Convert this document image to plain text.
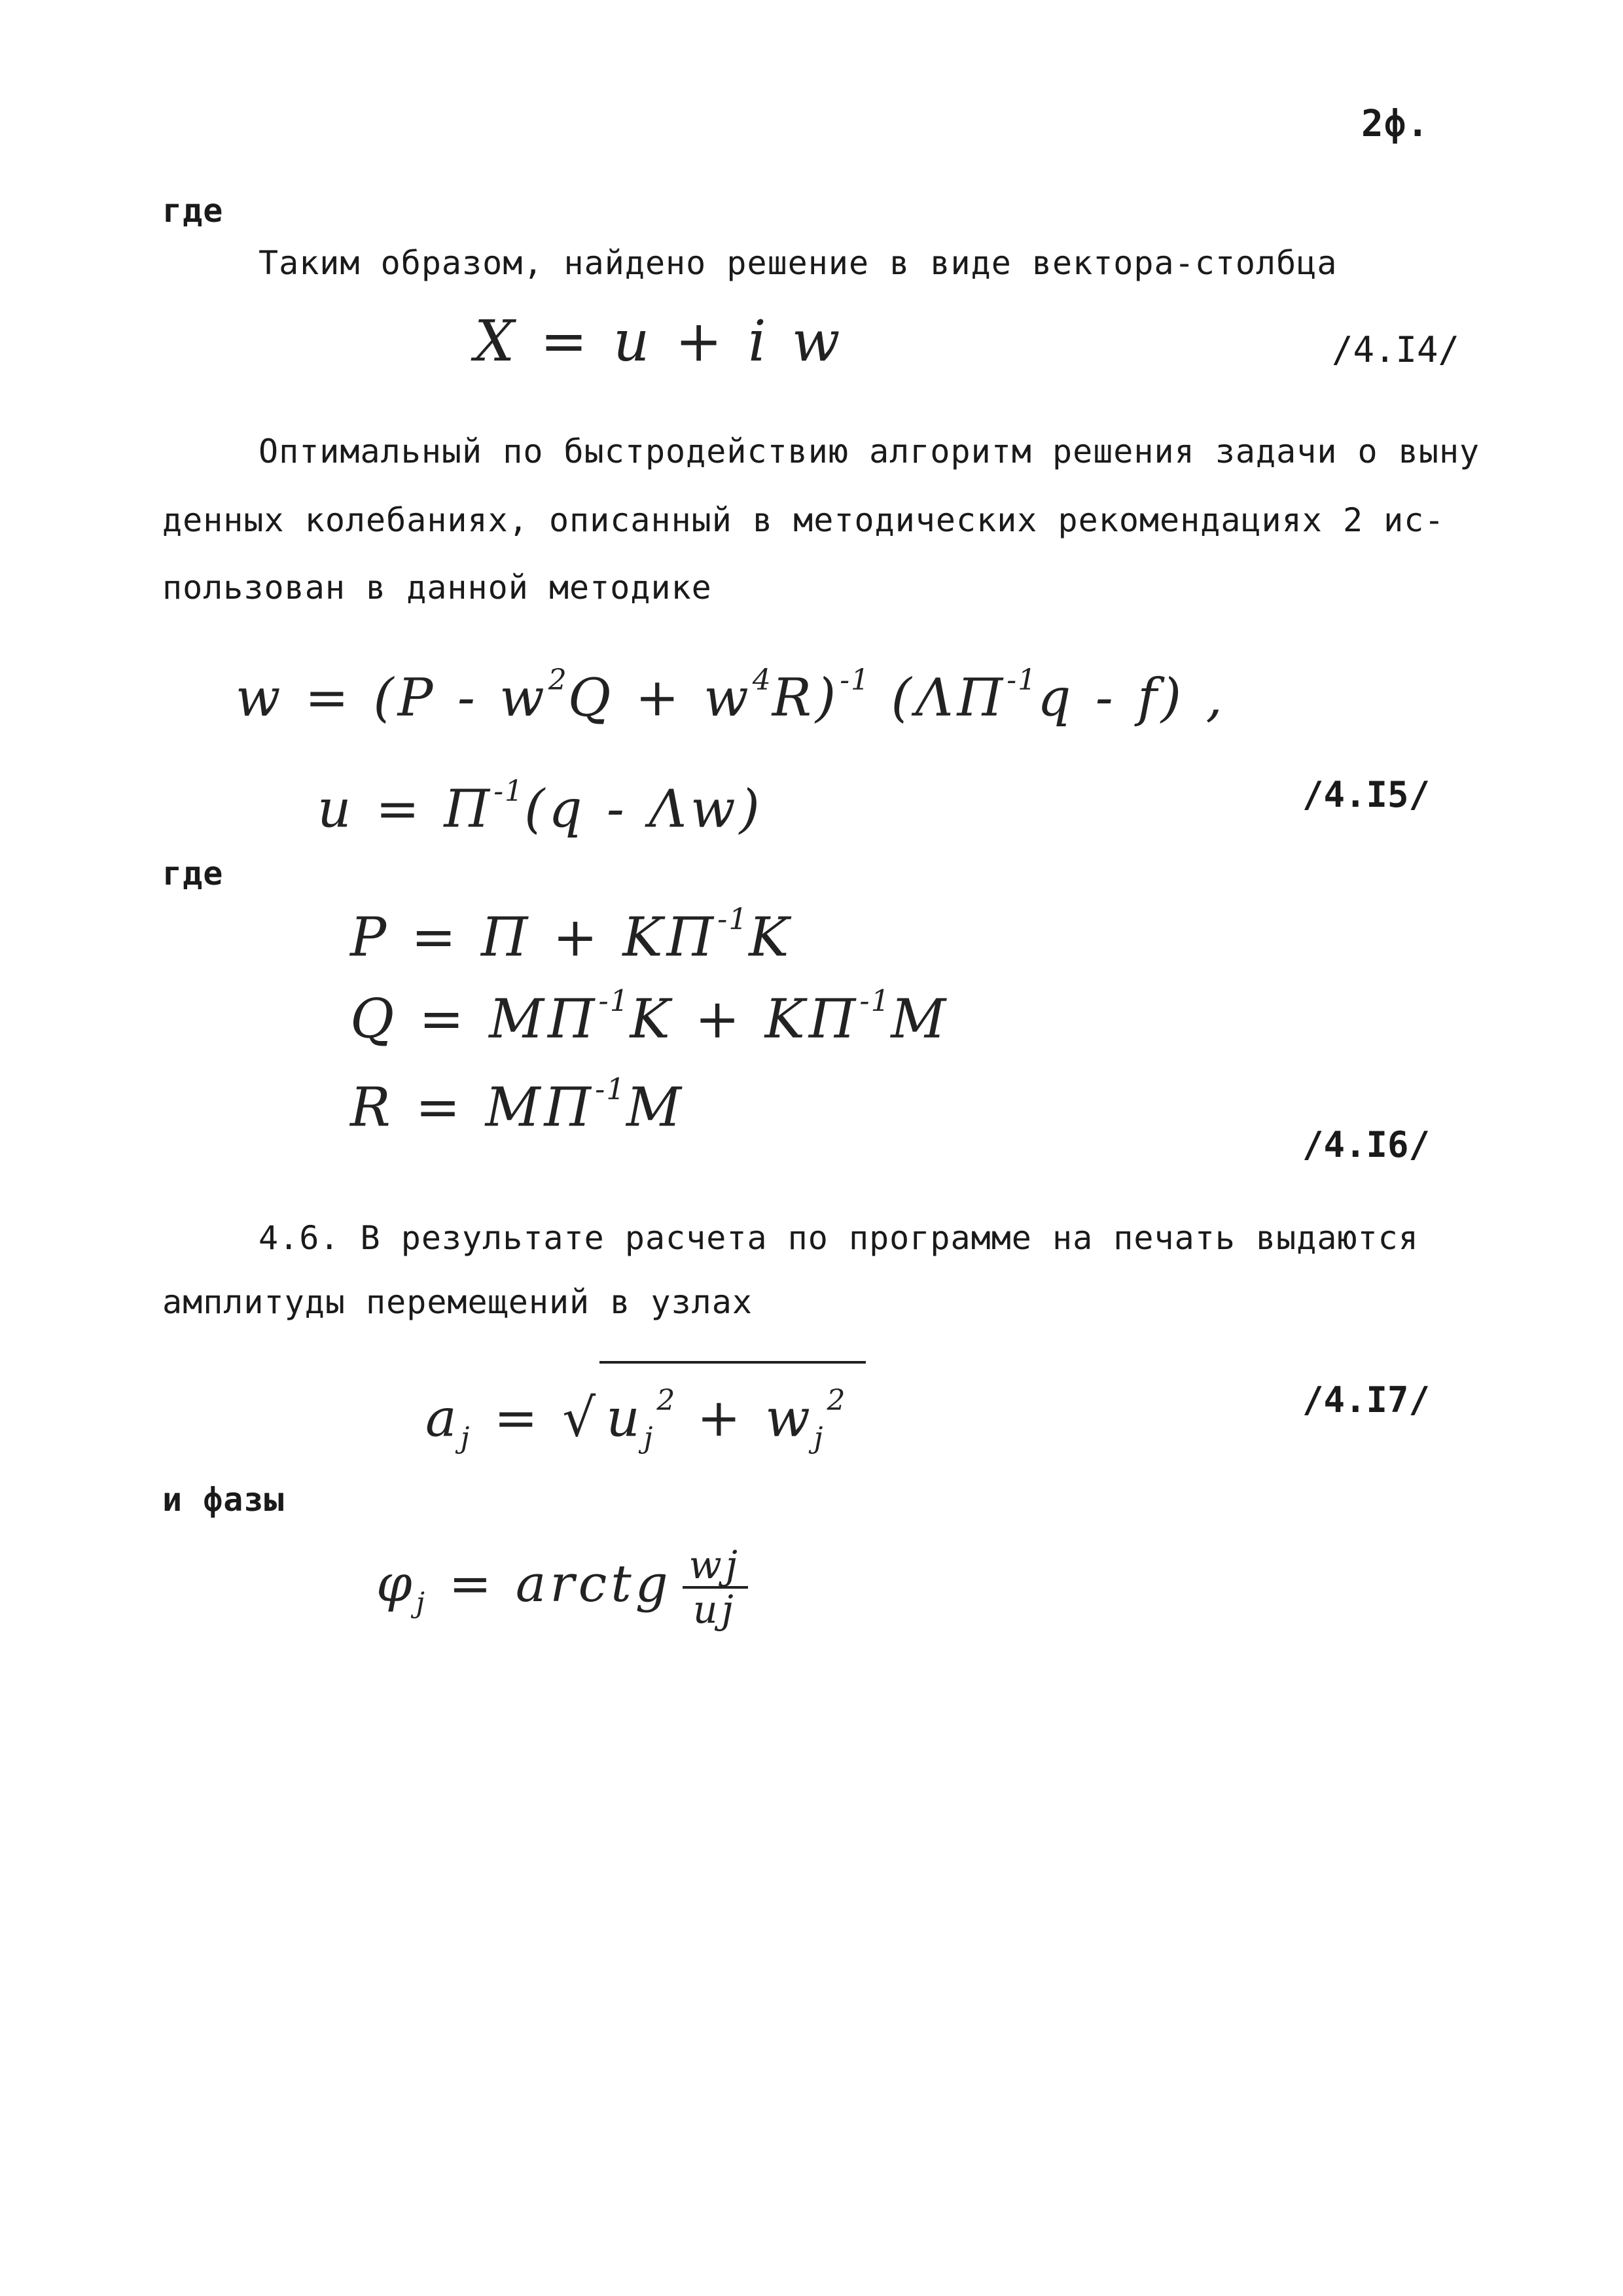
2ф.
где
Таким образом, найдено решение в виде вектора-столбца
X = u + i w	/4.I4/
Оптимальный по быстродействию алгоритм решения задачи о выну
денных колебаниях, описанный в методических рекомендациях 2 ис-
пользован в данной методике
$w = (P - w^2Q + w^4R)^{-1}$ $(\Lambda\Pi^{-1}q - f)$ ,
$u = \Pi^{-1}(q - \Lambda w)$	/4.I5/
где
$P = \Pi + K\Pi^{-1}K$
$Q = M\Pi^{-1}K + K\Pi^{-1}M$
$R = M\Pi^{-1}M$
/4.I6/
4.6. В результате расчета по программе на печать выдаются
амплитуды перемещений в узлах
$a_j$ = √ $u_j^2 + w_j^2$	/4.I7/
и фазы
$\varphi_j$ = arctg $\frac{wj}{uj}$
